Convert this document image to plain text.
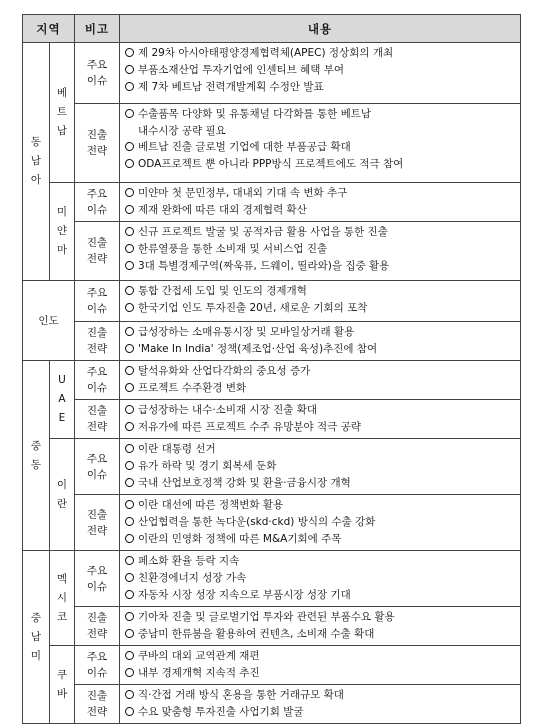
지역		비고	내용

동남아	베트남	주요이슈	제 29차 아시아태평양경제협력체(APEC) 정상회의 개최
부품소재산업 투자기업에 인센티브 혜택 부여
제 7차 베트남 전력개발계획 수정안 발표

		진출전략	수출품목 다양화 및 유통채널 다각화를 통한 베트남
내수시장 공략 필요
베트남 진출 글로벌 기업에 대한 부품공급 확대
ODA프로젝트 뿐 아니라 PPP방식 프로젝트에도 적극 참여

	미얀마	주요이슈	미얀마 첫 문민정부, 대내외 기대 속 변화 추구
제재 완화에 따른 대외 경제협력 확산

		진출전략	신규 프로젝트 발굴 및 공적자금 활용 사업을 통한 진출
한류열풍을 통한 소비재 및 서비스업 진출
3대 특별경제구역(짜욱퓨, 드웨이, 띨라와)을 집중 활용

인도		주요이슈	통합 간접세 도입 및 인도의 경제개혁
한국기업 인도 투자진출 20년, 새로운 기회의 포착

		진출전략	급성장하는 소매유통시장 및 모바일상거래 활용
'Make In India' 정책(제조업·산업 육성)추진에 참여

중동	UAE	주요이슈	탈석유화와 산업다각화의 중요성 증가
프로젝트 수주환경 변화

		진출전략	급성장하는 내수·소비재 시장 진출 확대
저유가에 따른 프로젝트 수주 유망분야 적극 공략

	이란	주요이슈	이란 대통령 선거
유가 하락 및 경기 회복세 둔화
국내 산업보호정책 강화 및 환율·금융시장 개혁

		진출전략	이란 대선에 따른 정책변화 활용
산업협력을 통한 녹다운(skd·ckd) 방식의 수출 강화
이란의 민영화 정책에 따른 M&A기회에 주목

중남미	멕시코	주요이슈	페소화 환율 등락 지속
친환경에너지 성장 가속
자동차 시장 성장 지속으로 부품시장 성장 기대

		진출전략	기아차 진출 및 글로벌기업 투자와 관련된 부품수요 활용
중남미 한류붐을 활용하여 컨텐츠, 소비재 수출 확대

	쿠바	주요이슈	쿠바의 대외 교역관계 재편
내부 경제개혁 지속적 추진

		진출전략	직·간접 거래 방식 혼용을 통한 거래규모 확대
수요 맞춤형 투자진출 사업기회 발굴
